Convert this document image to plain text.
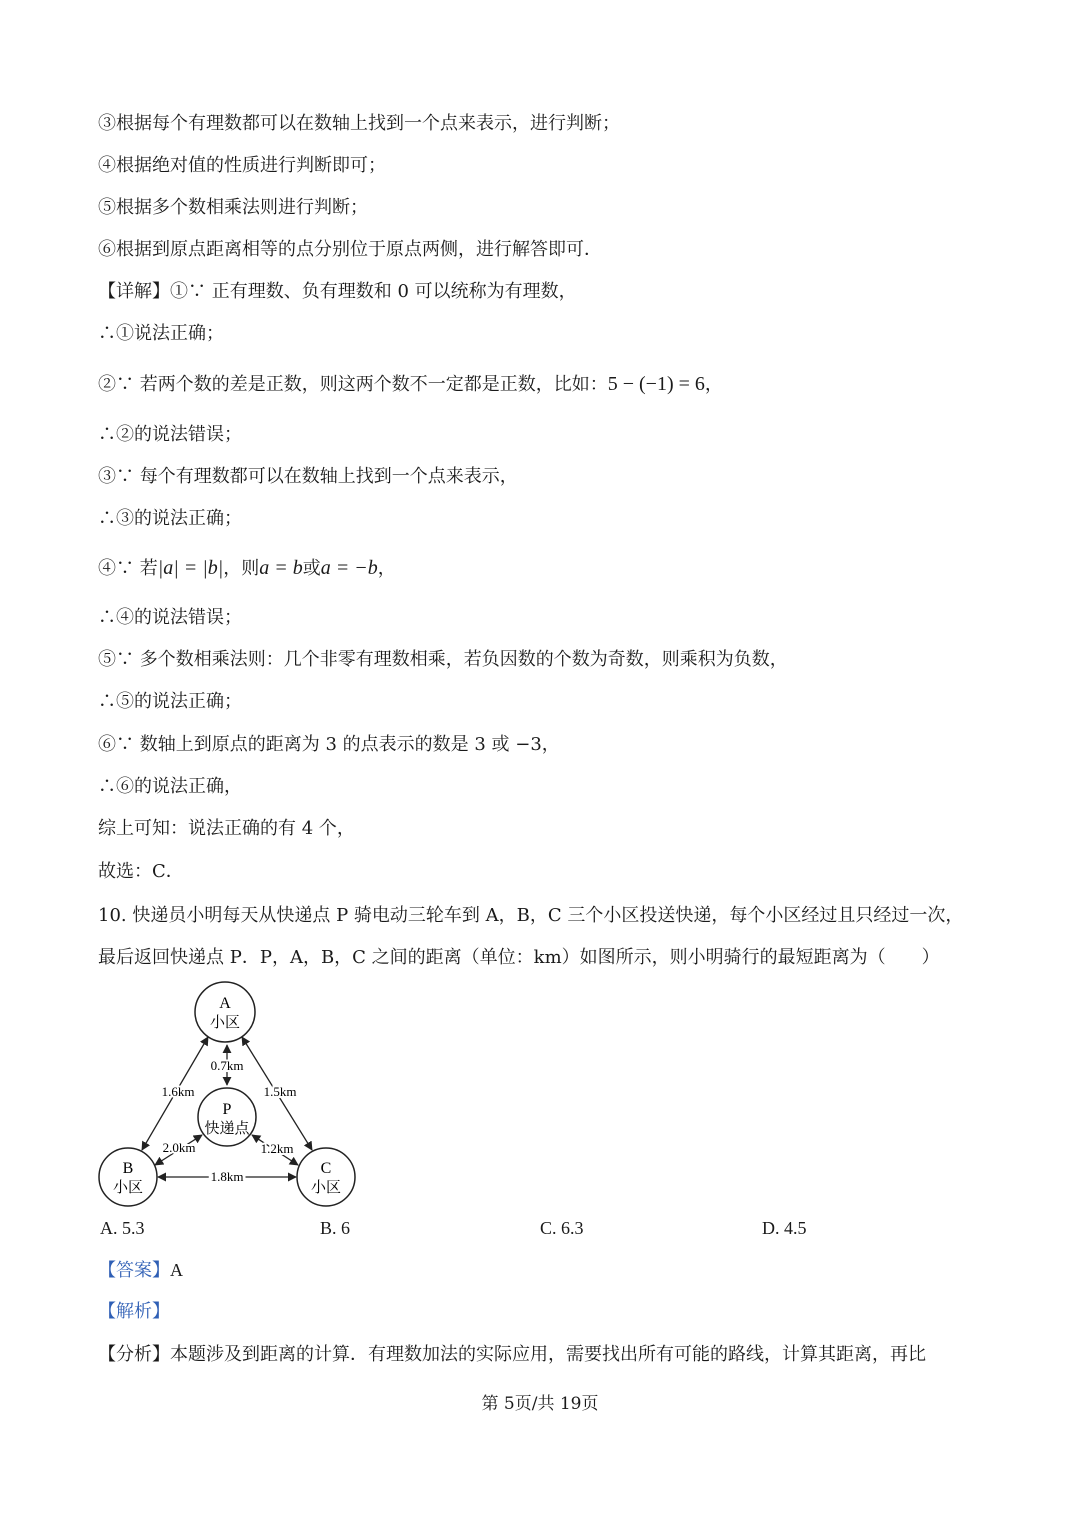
③根据每个有理数都可以在数轴上找到一个点来表示，进行判断；
④根据绝对值的性质进行判断即可；
⑤根据多个数相乘法则进行判断；
⑥根据到原点距离相等的点分别位于原点两侧，进行解答即可．
【详解】①∵ 正有理数、负有理数和 0 可以统称为有理数，
∴①说法正确；
②∵ 若两个数的差是正数，则这两个数不一定都是正数，比如：5 − (−1) = 6，
∴②的说法错误；
③∵ 每个有理数都可以在数轴上找到一个点来表示，
∴③的说法正确；
④∵ 若|a| = |b|，则a = b或a = −b，
∴④的说法错误；
⑤∵ 多个数相乘法则：几个非零有理数相乘，若负因数的个数为奇数，则乘积为负数，
∴⑤的说法正确；
⑥∵ 数轴上到原点的距离为 3 的点表示的数是 3 或 −3，
∴⑥的说法正确，
综上可知：说法正确的有 4 个，
故选：C．
10. 快递员小明每天从快递点 P 骑电动三轮车到 A，B，C 三个小区投送快递，每个小区经过且只经过一次，
最后返回快递点 P．P，A，B，C 之间的距离（单位：km）如图所示，则小明骑行的最短距离为（　　）
A
小区
P
快递点
B
小区
C
小区
0.7km
1.6km	1.5km
2.0km	1.2km
1.8km
A. 5.3	B. 6	C. 6.3	D. 4.5
【答案】A
【解析】
【分析】本题涉及到距离的计算．有理数加法的实际应用，需要找出所有可能的路线，计算其距离，再比
第 5页/共 19页
